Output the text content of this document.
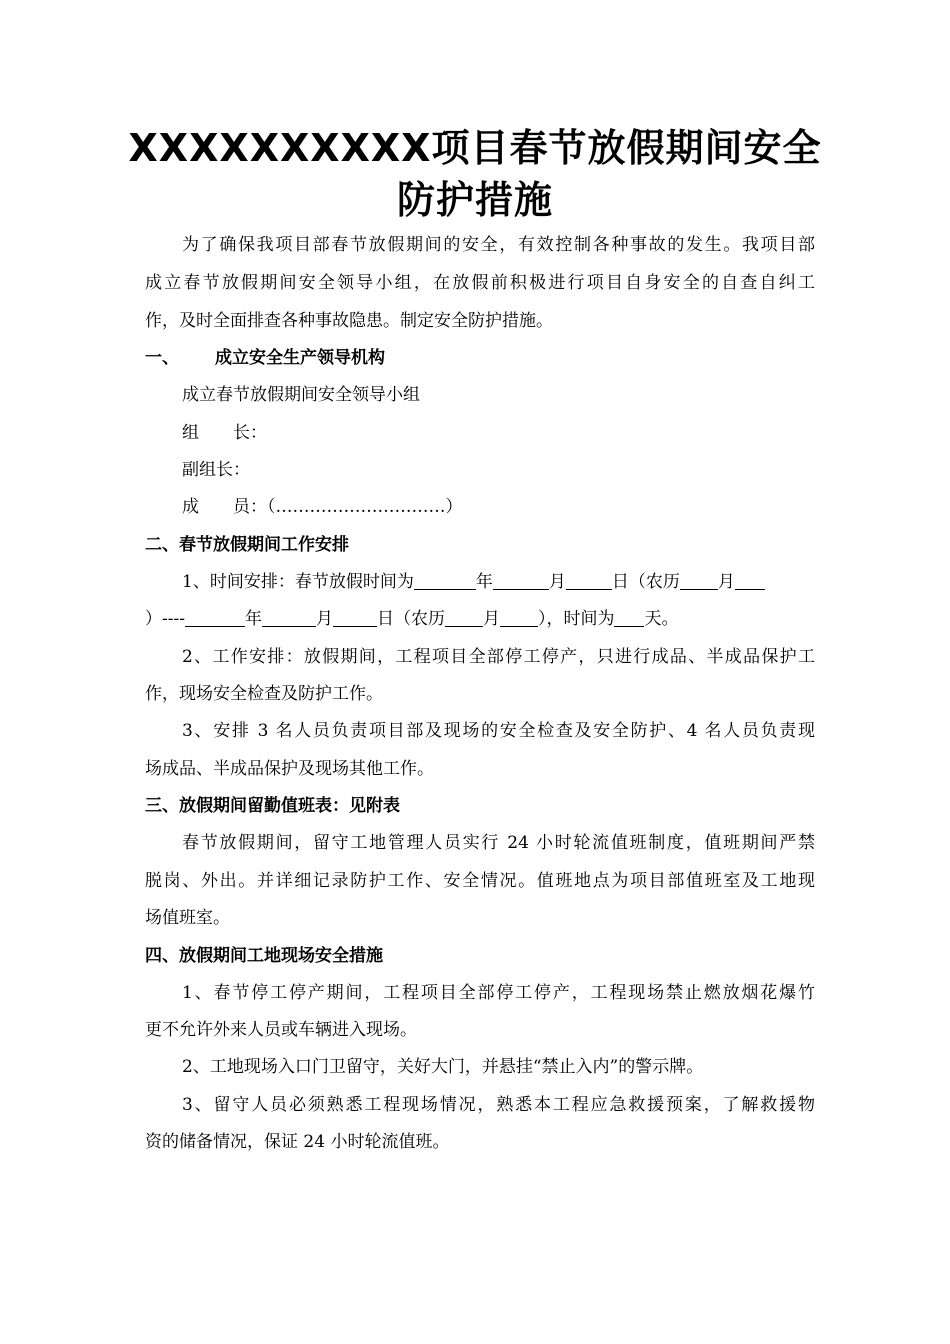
XXXXXXXXXX项目春节放假期间安全
防护措施
为了确保我项目部春节放假期间的安全，有效控制各种事故的发生。我项目部
成立春节放假期间安全领导小组，在放假前积极进行项目自身安全的自查自纠工
作，及时全面排查各种事故隐患。制定安全防护措施。
一、 成立安全生产领导机构
成立春节放假期间安全领导小组
组 长：
副组长：
成 员：（…………………………）
二、春节放假期间工作安排
1、时间安排：春节放假时间为	年	月	日（农历 月
）----	年	月	日（农历 月 ），时间为 天。
2、工作安排：放假期间，工程项目全部停工停产，只进行成品、半成品保护工
作，现场安全检查及防护工作。
3、安排 3 名人员负责项目部及现场的安全检查及安全防护、4 名人员负责现
场成品、半成品保护及现场其他工作。
三、放假期间留勤值班表：见附表
春节放假期间，留守工地管理人员实行 24 小时轮流值班制度，值班期间严禁
脱岗、外出。并详细记录防护工作、安全情况。值班地点为项目部值班室及工地现
场值班室。
四、放假期间工地现场安全措施
1、春节停工停产期间，工程项目全部停工停产，工程现场禁止燃放烟花爆竹
更不允许外来人员或车辆进入现场。
2、工地现场入口门卫留守，关好大门，并悬挂“禁止入内”的警示牌。
3、留守人员必须熟悉工程现场情况，熟悉本工程应急救援预案，了解救援物
资的储备情况，保证 24 小时轮流值班。
